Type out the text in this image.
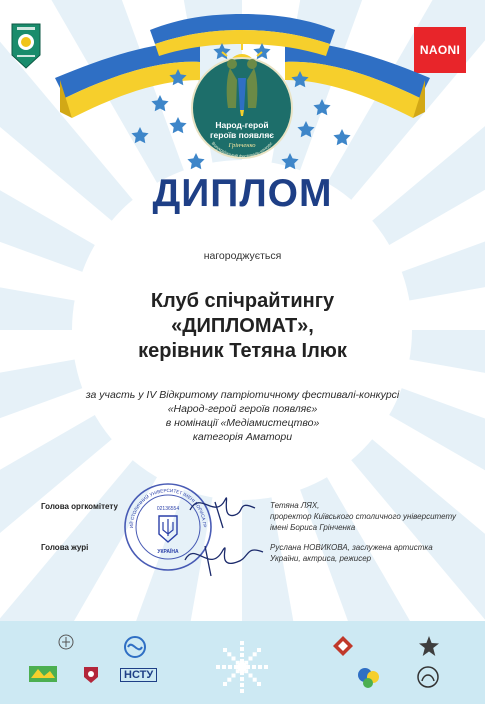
NAONI
Народ-герой
героїв появляє
Грінченко
Всеукраїнський фестиваль-конкурс
ДИПЛОМ
нагороджується
Клуб спічрайтингу
«ДИПЛОМАТ»,
керівник Тетяна Ілюк
за участь у IV Відкритому патріотичному фестивалі-конкурсі
«Народ-герой героїв появляє»
в номінації «Медіамистецтво»
категорія Аматори
ИЙ СТОЛИЧНИЙ УНІВЕРСИТЕТ ІМЕНІ БОРИСА ГР
02136554
УКРАЇНА
Голова оргкомітету
Голова журі
Тетяна ЛЯХ,
проректор Київського столичного університету
імені Бориса Грінченка
Руслана НОВИКОВА, заслужена артистка
України, актриса, режисер
НСТУ
